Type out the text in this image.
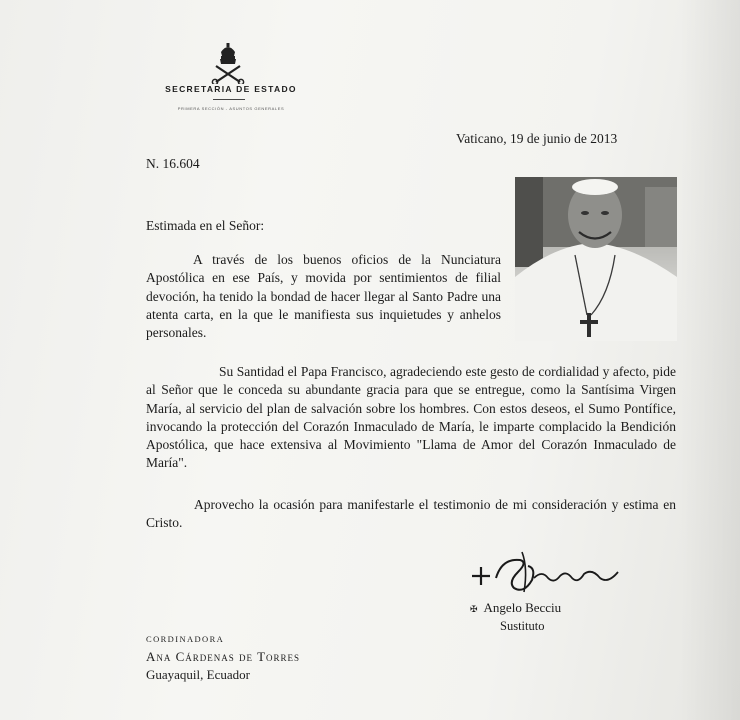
SECRETARIA DE ESTADO
PRIMERA SECCIÓN - ASUNTOS GENERALES
Vaticano, 19 de junio de 2013
N. 16.604
Estimada en el Señor:

A través de los buenos oficios de la Nunciatura Apostólica en ese País, y movida por sentimientos de filial devoción, ha tenido la bondad de hacer llegar al Santo Padre una atenta carta, en la que le manifiesta sus inquietudes y anhelos personales.

Su Santidad el Papa Francisco, agradeciendo este gesto de cordialidad y afecto, pide al Señor que le conceda su abundante gracia para que se entregue, como la Santísima Virgen María, al servicio del plan de salvación sobre los hombres. Con estos deseos, el Sumo Pontífice, invocando la protección del Corazón Inmaculado de María, le imparte complacido la Bendición Apostólica, que hace extensiva al Movimiento "Llama de Amor del Corazón Inmaculado de María".

Aprovecho la ocasión para manifestarle el testimonio de mi consideración y estima en Cristo.

✠ Angelo Becciu
Sustituto
CORDINADORA
Ana Cárdenas de Torres
Guayaquil, Ecuador
